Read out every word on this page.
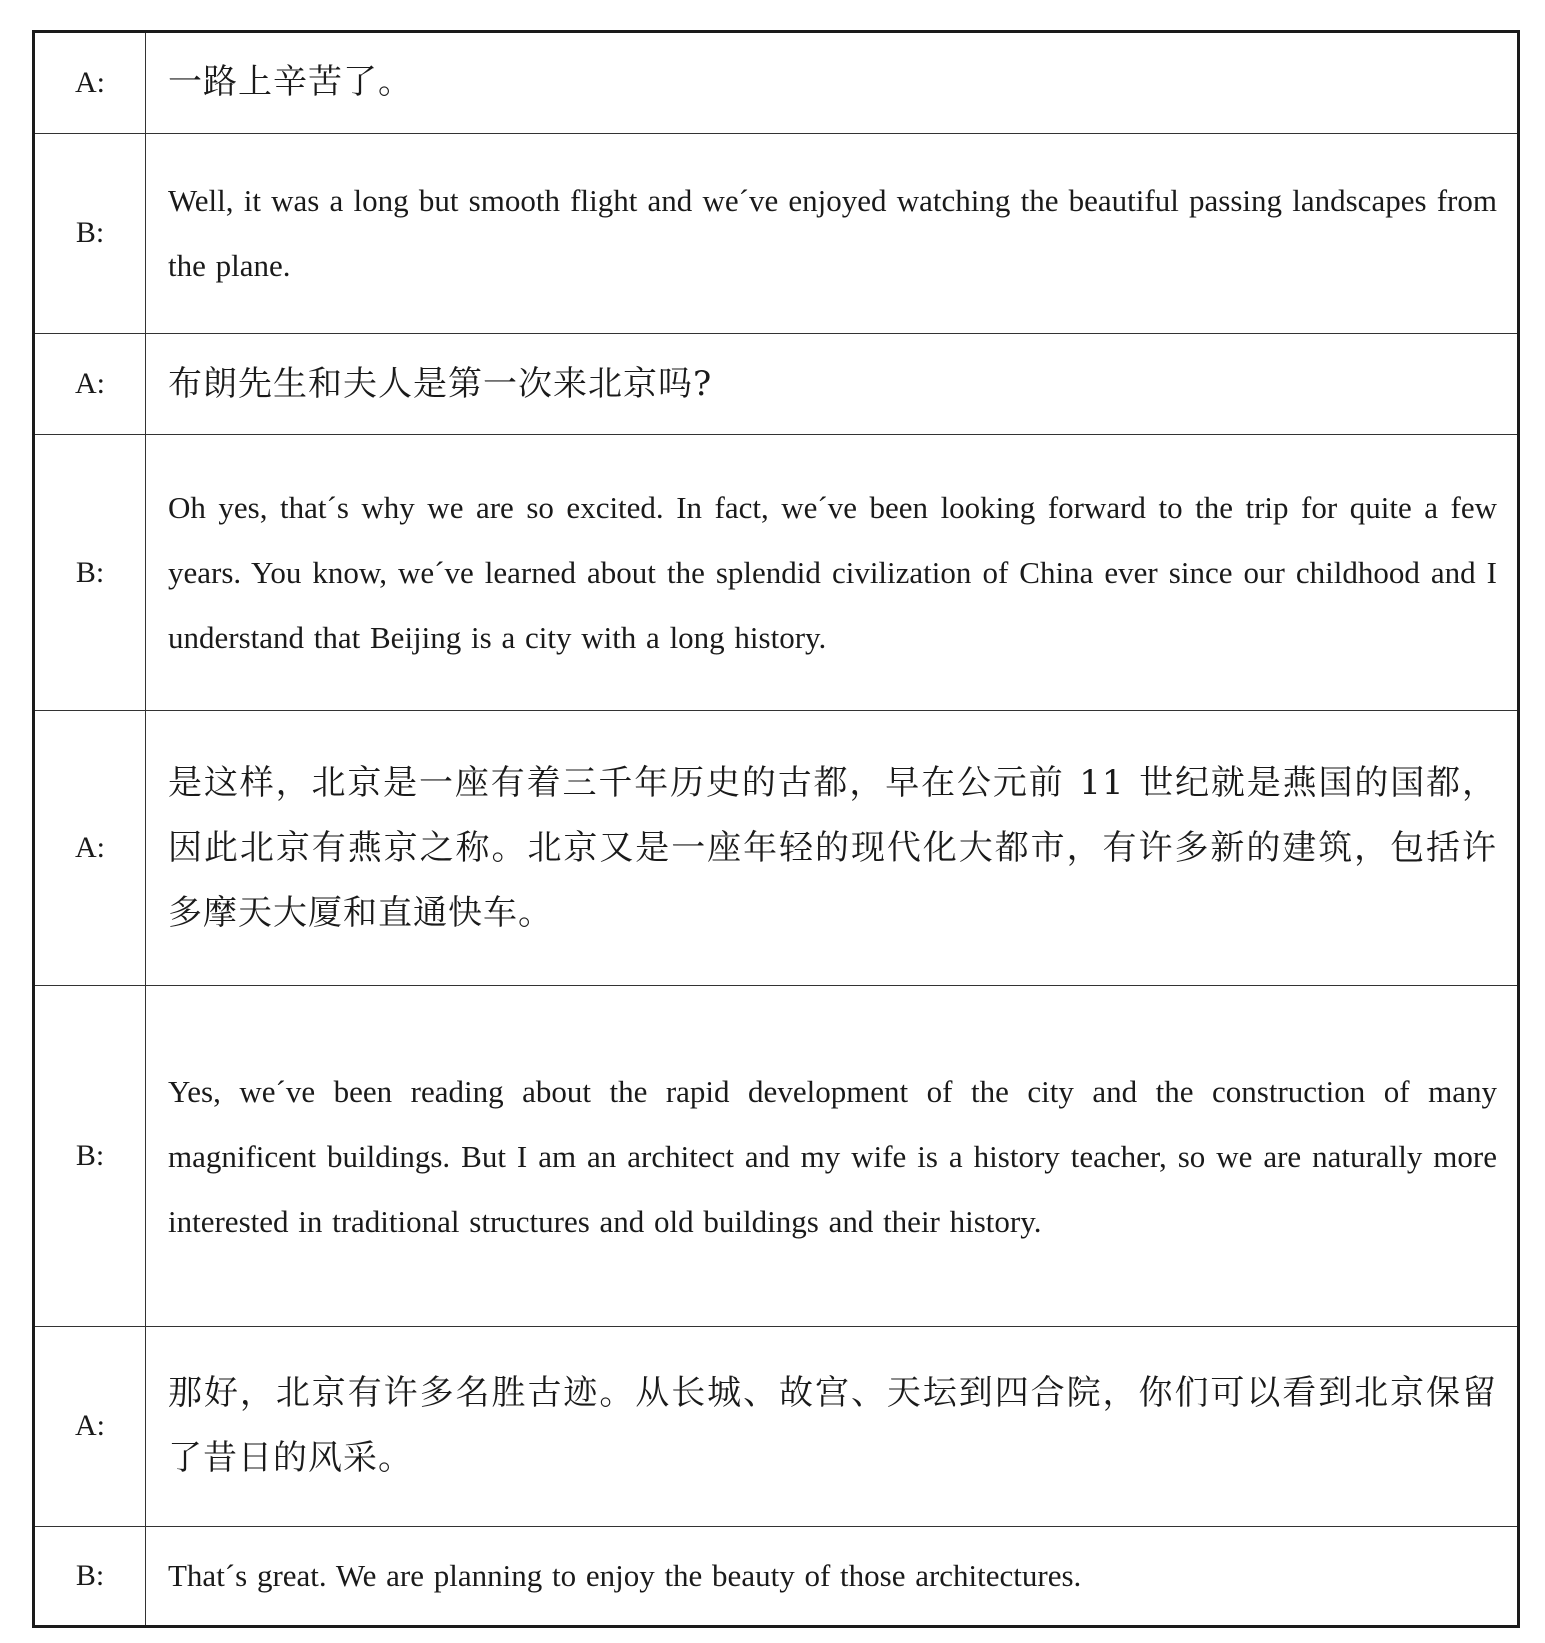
A:	一路上辛苦了。
B:	Well, it was a long but smooth flight and we´ve enjoyed watching the beautiful passing landscapes from the plane.
A:	布朗先生和夫人是第一次来北京吗?
B:	Oh yes, that´s why we are so excited. In fact, we´ve been looking forward to the trip for quite a few years. You know, we´ve learned about the splendid civilization of China ever since our childhood and I understand that Beijing is a city with a long history.
A:	是这样，北京是一座有着三千年历史的古都，早在公元前 11 世纪就是燕国的国都，因此北京有燕京之称。北京又是一座年轻的现代化大都市，有许多新的建筑，包括许多摩天大厦和直通快车。
B:	Yes, we´ve been reading about the rapid development of the city and the construction of many magnificent buildings. But I am an architect and my wife is a history teacher, so we are naturally more interested in traditional structures and old buildings and their history.
A:	那好，北京有许多名胜古迹。从长城、故宫、天坛到四合院，你们可以看到北京保留了昔日的风采。
B:	That´s great. We are planning to enjoy the beauty of those architectures.
